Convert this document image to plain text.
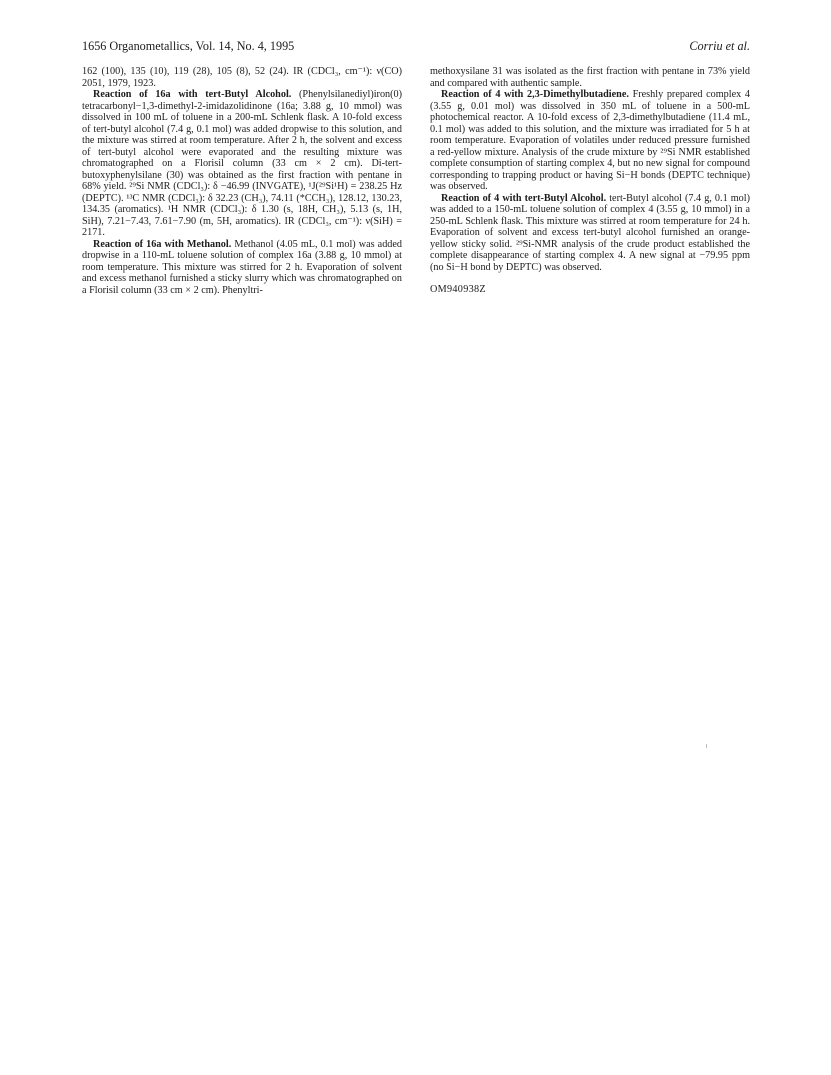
1656 Organometallics, Vol. 14, No. 4, 1995	Corriu et al.

162 (100), 135 (10), 119 (28), 105 (8), 52 (24). IR (CDCl₃, cm⁻¹): ν(CO) 2051, 1979, 1923.

Reaction of 16a with tert-Butyl Alcohol. (Phenylsilanediyl)iron(0) tetracarbonyl−1,3-dimethyl-2-imidazolidinone (16a; 3.88 g, 10 mmol) was dissolved in 100 mL of toluene in a 200-mL Schlenk flask. A 10-fold excess of tert-butyl alcohol (7.4 g, 0.1 mol) was added dropwise to this solution, and the mixture was stirred at room temperature. After 2 h, the solvent and excess of tert-butyl alcohol were evaporated and the resulting mixture was chromatographed on a Florisil column (33 cm × 2 cm). Di-tert-butoxyphenylsilane (30) was obtained as the first fraction with pentane in 68% yield. ²⁹Si NMR (CDCl₃): δ −46.99 (INVGATE), ¹J(²⁹Si¹H) = 238.25 Hz (DEPTC). ¹³C NMR (CDCl₃): δ 32.23 (CH₃), 74.11 (*CCH₃), 128.12, 130.23, 134.35 (aromatics). ¹H NMR (CDCl₃): δ 1.30 (s, 18H, CH₃), 5.13 (s, 1H, SiH), 7.21−7.43, 7.61−7.90 (m, 5H, aromatics). IR (CDCl₃, cm⁻¹): ν(SiH) = 2171.

Reaction of 16a with Methanol. Methanol (4.05 mL, 0.1 mol) was added dropwise in a 110-mL toluene solution of complex 16a (3.88 g, 10 mmol) at room temperature. This mixture was stirred for 2 h. Evaporation of solvent and excess methanol furnished a sticky slurry which was chromatographed on a Florisil column (33 cm × 2 cm). Phenyltri-

methoxysilane 31 was isolated as the first fraction with pentane in 73% yield and compared with authentic sample.

Reaction of 4 with 2,3-Dimethylbutadiene. Freshly prepared complex 4 (3.55 g, 0.01 mol) was dissolved in 350 mL of toluene in a 500-mL photochemical reactor. A 10-fold excess of 2,3-dimethylbutadiene (11.4 mL, 0.1 mol) was added to this solution, and the mixture was irradiated for 5 h at room temperature. Evaporation of volatiles under reduced pressure furnished a red-yellow mixture. Analysis of the crude mixture by ²⁹Si NMR established complete consumption of starting complex 4, but no new signal for compound corresponding to trapping product or having Si−H bonds (DEPTC technique) was observed.

Reaction of 4 with tert-Butyl Alcohol. tert-Butyl alcohol (7.4 g, 0.1 mol) was added to a 150-mL toluene solution of complex 4 (3.55 g, 10 mmol) in a 250-mL Schlenk flask. This mixture was stirred at room temperature for 24 h. Evaporation of solvent and excess tert-butyl alcohol furnished an orange-yellow sticky solid. ²⁹Si-NMR analysis of the crude product established the complete disappearance of starting complex 4. A new signal at −79.95 ppm (no Si−H bond by DEPTC) was observed.

OM940938Z
